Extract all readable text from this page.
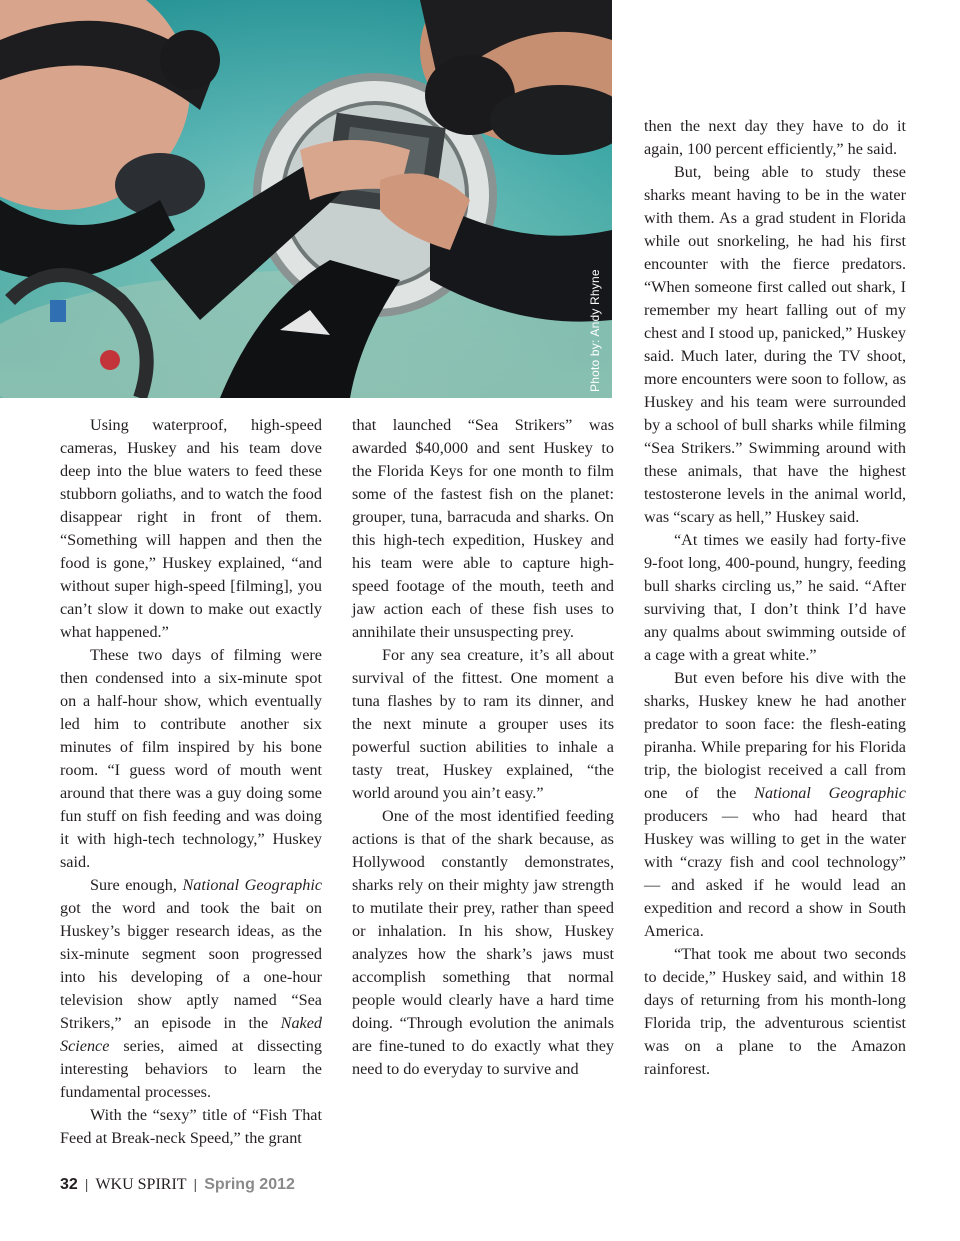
Photo by: Andy Rhyne

Using waterproof, high-speed cameras, Huskey and his team dove deep into the blue waters to feed these stubborn goliaths, and to watch the food disappear right in front of them. “Something will happen and then the food is gone,” Huskey explained, “and without super high-speed [filming], you can’t slow it down to make out exactly what happened.”

These two days of filming were then condensed into a six-minute spot on a half-hour show, which eventually led him to contribute another six minutes of film inspired by his bone room. “I guess word of mouth went around that there was a guy doing some fun stuff on fish feeding and was doing it with high-tech technology,” Huskey said.

Sure enough, National Geographic got the word and took the bait on Huskey’s bigger research ideas, as the six-minute segment soon progressed into his developing of a one-hour television show aptly named “Sea Strikers,” an episode in the Naked Science series, aimed at dissecting interesting behaviors to learn the fundamental processes.

With the “sexy” title of “Fish That Feed at Break-neck Speed,” the grant

that launched “Sea Strikers” was awarded $40,000 and sent Huskey to the Florida Keys for one month to film some of the fastest fish on the planet: grouper, tuna, barracuda and sharks. On this high-tech expedition, Huskey and his team were able to capture high-speed footage of the mouth, teeth and jaw action each of these fish uses to annihilate their unsuspecting prey.

For any sea creature, it’s all about survival of the fittest. One moment a tuna flashes by to ram its dinner, and the next minute a grouper uses its powerful suction abilities to inhale a tasty treat, Huskey explained, “the world around you ain’t easy.”

One of the most identified feeding actions is that of the shark because, as Hollywood constantly demonstrates, sharks rely on their mighty jaw strength to mutilate their prey, rather than speed or inhalation. In his show, Huskey analyzes how the shark’s jaws must accomplish something that normal people would clearly have a hard time doing. “Through evolution the animals are fine-tuned to do exactly what they need to do everyday to survive and

then the next day they have to do it again, 100 percent efficiently,” he said.

But, being able to study these sharks meant having to be in the water with them. As a grad student in Florida while out snorkeling, he had his first encounter with the fierce predators. “When someone first called out shark, I remember my heart falling out of my chest and I stood up, panicked,” Huskey said. Much later, during the TV shoot, more encounters were soon to follow, as Huskey and his team were surrounded by a school of bull sharks while filming “Sea Strikers.” Swimming around with these animals, that have the highest testosterone levels in the animal world, was “scary as hell,” Huskey said.

“At times we easily had forty-five 9-foot long, 400-pound, hungry, feeding bull sharks circling us,” he said. “After surviving that, I don’t think I’d have any qualms about swimming outside of a cage with a great white.”

But even before his dive with the sharks, Huskey knew he had another predator to soon face: the flesh-eating piranha. While preparing for his Florida trip, the biologist received a call from one of the National Geographic producers — who had heard that Huskey was willing to get in the water with “crazy fish and cool technology” — and asked if he would lead an expedition and record a show in South America.

“That took me about two seconds to decide,” Huskey said, and within 18 days of returning from his month-long Florida trip, the adventurous scientist was on a plane to the Amazon rainforest.

32 | WKU SPIRIT | Spring 2012
